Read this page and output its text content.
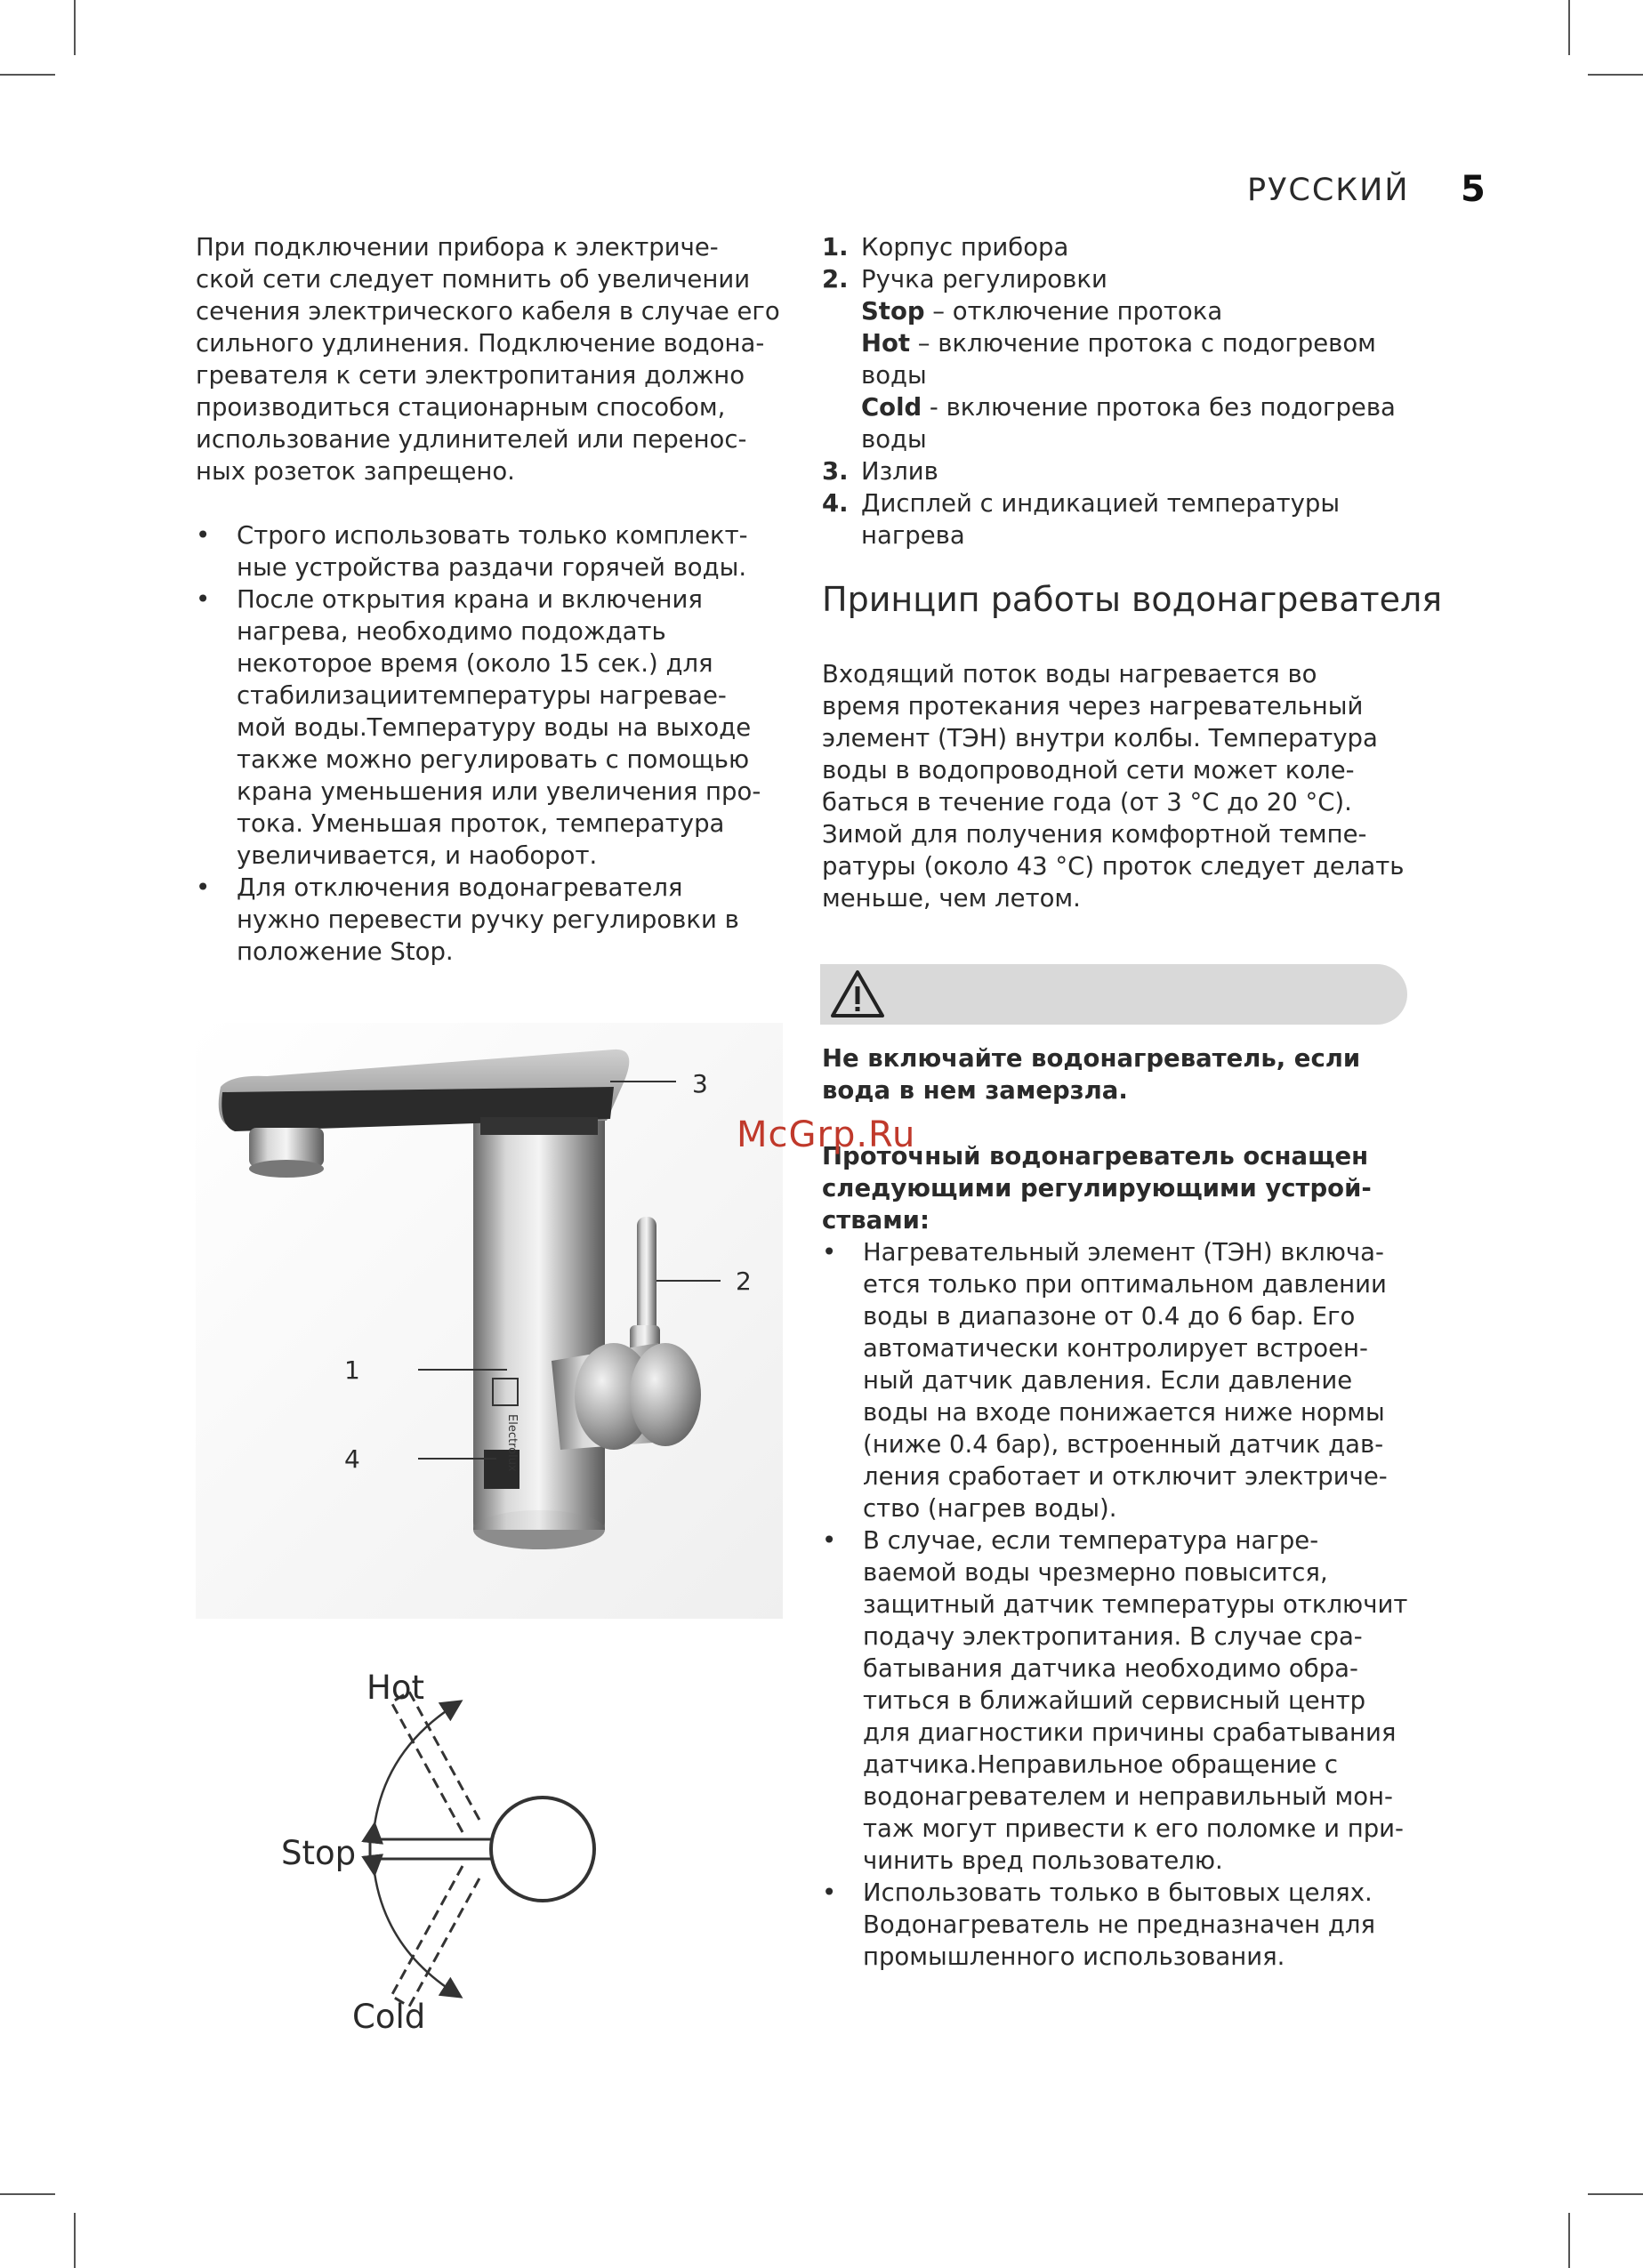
РУССКИЙ 5

При подключении прибора к электриче-

ской сети следует помнить об увеличении

сечения электрического кабеля в случае его

сильного удлинения. Подключение водона-

гревателя к сети электропитания должно

производиться стационарным способом,

использование удлинителей или перенос-

ных розеток запрещено.

• Строго использовать только комплект-

ные устройства раздачи горячей воды.

• После открытия крана и включения

нагрева, необходимо подождать

некоторое время (около 15 сек.) для

стабилизациитемпературы нагревае-

мой воды.Температуру воды на выходе

также можно регулировать с помощью

крана уменьшения или увеличения про-

тока. Уменьшая проток, температура

увеличивается, и наоборот.

• Для отключения водонагревателя

нужно перевести ручку регулировки в

положение Stop.

1. Корпус прибора

2. Ручка регулировки

Stop – отключение протока

Hot – включение протока с подогревом

воды

Cold - включение протока без подогрева

воды

3. Излив

4. Дисплей с индикацией температуры

нагрева

Принцип работы водонагревателя

Входящий поток воды нагревается во

время протекания через нагревательный

элемент (ТЭН) внутри колбы. Температура

воды в водопроводной сети может коле-

баться в течение года (от 3 °С до 20 °С).

Зимой для получения комфортной темпе-

ратуры (около 43 °С) проток следует делать

меньше, чем летом.

Не включайте водонагреватель, если

вода в нем замерзла.

Проточный водонагреватель оснащен

следующими регулирующими устрой-

ствами:

• Нагревательный элемент (ТЭН) включа-

ется только при оптимальном давлении

воды в диапазоне от 0.4 до 6 бар. Его

автоматически контролирует встроен-

ный датчик давления. Если давление

воды на входе понижается ниже нормы

(ниже 0.4 бар), встроенный датчик дав-

ления сработает и отключит электриче-

ство (нагрев воды).

• В случае, если температура нагре-

ваемой воды чрезмерно повысится,

защитный датчик температуры отключит

подачу электропитания. В случае сра-

батывания датчика необходимо обра-

титься в ближайший сервисный центр

для диагностики причины срабатывания

датчика.Неправильное обращение с

водонагревателем и неправильный мон-

таж могут привести к его поломке и при-

чинить вред пользователю.

• Использовать только в бытовых целях.

Водонагреватель не предназначен для

промышленного использования.

Electrolux
3
2
1
4
McGrp.Ru
Hot
Stop
Cold
